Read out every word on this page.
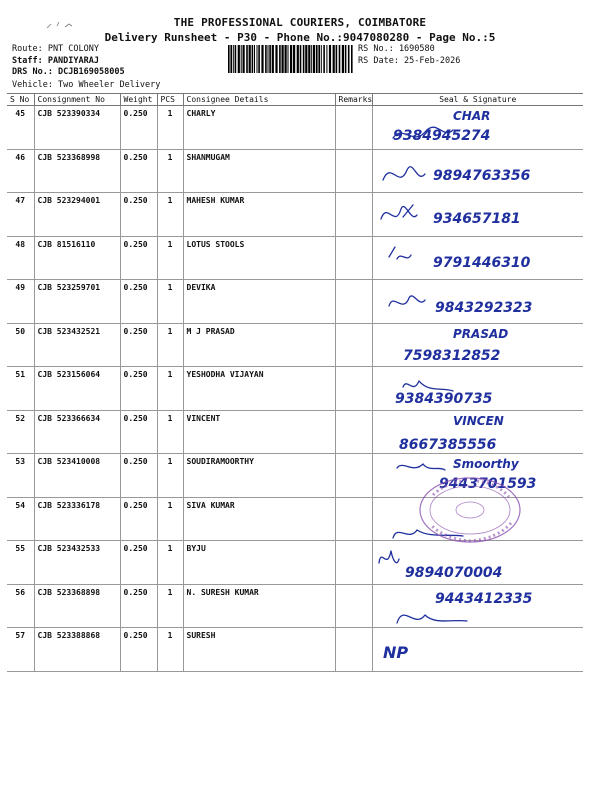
THE PROFESSIONAL COURIERS, COIMBATORE
Delivery Runsheet - P30 - Phone No.:9047080280 - Page No.:5
Route: PNT COLONY
Staff: PANDIYARAJ
DRS No.: DCJB169058005
RS No.: 1690580
RS Date: 25-Feb-2026
Vehicle: Two Wheeler Delivery
S No	Consignment No	Weight	PCS	Consignee Details	Remarks	Seal & Signature
45	CJB 523390334	0.250	1	CHARLY		CHAR
9384945274

46	CJB 523368998	0.250	1	SHANMUGAM		9894763356

47	CJB 523294001	0.250	1	MAHESH KUMAR		934657181

48	CJB 81516110	0.250	1	LOTUS STOOLS		9791446310

49	CJB 523259701	0.250	1	DEVIKA		9843292323

50	CJB 523432521	0.250	1	M J PRASAD		PRASAD
7598312852

51	CJB 523156064	0.250	1	YESHODHA VIJAYAN		9384390735

52	CJB 523366634	0.250	1	VINCENT		VINCEN
8667385556

53	CJB 523410008	0.250	1	SOUDIRAMOORTHY		Smoorthy
9443701593

54	CJB 523336178	0.250	1	SIVA KUMAR		

55	CJB 523432533	0.250	1	BYJU		9894070004

56	CJB 523368898	0.250	1	N. SURESH KUMAR		9443412335

57	CJB 523388868	0.250	1	SURESH		NP
